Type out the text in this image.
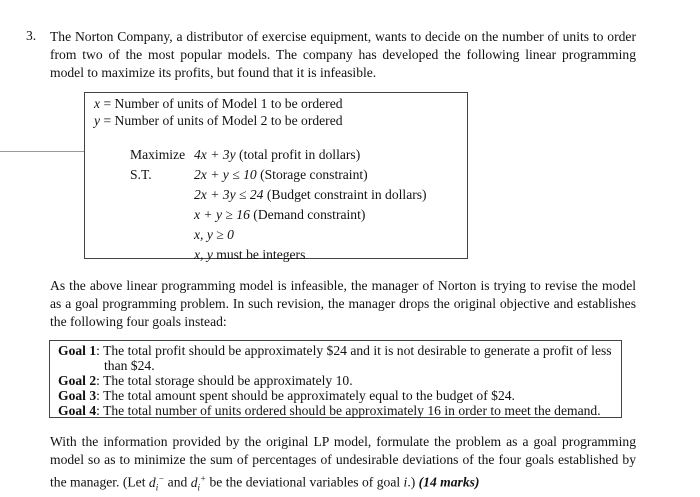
3. The Norton Company, a distributor of exercise equipment, wants to decide on the number of units to order from two of the most popular models. The company has developed the following linear programming model to maximize its profits, but found that it is infeasible.

x = Number of units of Model 1 to be ordered
y = Number of units of Model 2 to be ordered
Maximize 4x + 3y (total profit in dollars)
S.T.	2x + y ≤ 10 (Storage constraint)
2x + 3y ≤ 24 (Budget constraint in dollars)
x + y ≥ 16 (Demand constraint)
x, y ≥ 0
x, y must be integers

As the above linear programming model is infeasible, the manager of Norton is trying to revise the model as a goal programming problem. In such revision, the manager drops the original objective and establishes the following four goals instead:

Goal 1: The total profit should be approximately $24 and it is not desirable to generate a profit of less
than $24.
Goal 2: The total storage should be approximately 10.
Goal 3: The total amount spent should be approximately equal to the budget of $24.
Goal 4: The total number of units ordered should be approximately 16 in order to meet the demand.

With the information provided by the original LP model, formulate the problem as a goal programming model so as to minimize the sum of percentages of undesirable deviations of the four goals established by the manager. (Let $d_i^-$ and $d_i^+$ be the deviational variables of goal i.) (14 marks)
